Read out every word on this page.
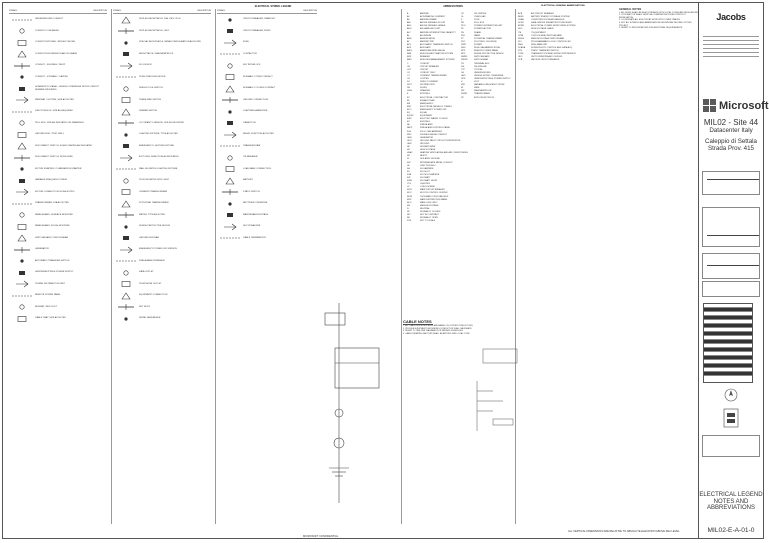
SYMBOL	DESCRIPTION
UNDERGROUND CONDUIT
CONDUIT CONCEALED
CONDUIT EXPOSED / RUN AT CEILING
CONDUIT RUN UNDER SLAB ON GRADE
CONDUIT - FLEXIBLE / DROP
CONDUIT - STUBBED / CAPPED
HOMERUN TO PANEL; UNLESS OTHERWISE NOTED CIRCUIT NUMBER INDICATED
WIREWAY / GUTTER, SIZE AS NOTED
JUNCTION BOX, SIZE AS REQUIRED
PULL BOX, SIZE AS INDICATED ON DRAWINGS
GROUND ROD / TEST WELL
DISCONNECT SWITCH, FUSED, RATING AS INDICATED
DISCONNECT SWITCH, NON-FUSED
MOTOR STARTER / COMBINATION STARTER
VARIABLE FREQUENCY DRIVE
MOTOR CONNECTION, HP AS NOTED
TRANSFORMER, KVA AS NOTED
PANELBOARD, SURFACE MOUNTED
PANELBOARD, FLUSH MOUNTED
SWITCHBOARD / SWITCHGEAR
GENERATOR
AUTOMATIC TRANSFER SWITCH
UNINTERRUPTIBLE POWER SUPPLY
POWER DISTRIBUTION UNIT
REMOTE POWER PANEL
BUSWAY / BUS DUCT
CABLE TRAY, SIZE AS NOTED
ELECTRICAL SYMBOL LEGEND
SYMBOL	DESCRIPTION
DUPLEX RECEPTACLE, 16A, 230V, 2P+E
DUPLEX RECEPTACLE, GFCI
SPECIAL RECEPTACLE, NEMA CONFIGURATION AS NOTED
RECEPTACLE, WEATHERPROOF
FLOOR BOX
POKE-THROUGH DEVICE
SINGLE POLE SWITCH
THREE-WAY SWITCH
DIMMER SWITCH
OCCUPANCY SENSOR, CEILING MOUNTED
LIGHTING FIXTURE, TYPE AS NOTED
EMERGENCY LIGHTING FIXTURE
EXIT SIGN, DIRECTION AS INDICATED
WALL MOUNTED LIGHTING FIXTURE
POLE MOUNTED SITE LIGHT
CURRENT TRANSFORMER
POTENTIAL TRANSFORMER
METER, TYPE AS NOTED
SURGE PROTECTIVE DEVICE
GROUND BUS BAR
EMERGENCY POWER OFF STATION
FIRE ALARM INTERFACE
DATA OUTLET
TELEPHONE OUTLET
EQUIPMENT CONNECTION
KEY NOTE
DETAIL REFERENCE
SYMBOL	DESCRIPTION
CIRCUIT BREAKER, DRAWOUT
CIRCUIT BREAKER, FIXED
FUSE
CONTACTOR
KEY INTERLOCK
NORMALLY OPEN CONTACT
NORMALLY CLOSED CONTACT
GROUND CONNECTION
LIGHTNING ARRESTER
CAPACITOR
RELAY, FUNCTION AS NOTED
TRANSFER PAIR
TIE BREAKER
LOAD BANK CONNECTION
BATTERY
STATIC SWITCH
RECTIFIER / INVERTER
MAINTENANCE BYPASS
SECTIONALIZER
CABLE TERMINATION
ABBREVIATIONS
A	AMPERE
AC	ALTERNATING CURRENT
AF	AMPERE FRAME
AFF	ABOVE FINISHED FLOOR
AFG	ABOVE FINISHED GRADE
AHU	AIR HANDLING UNIT
AIC	AMPERE INTERRUPTING CAPACITY
AL	ALUMINUM
ANN	ANNUNCIATOR
AT	AMPERE TRIP
ATS	AUTOMATIC TRANSFER SWITCH
AUX	AUXILIARY
AWG	AMERICAN WIRE GAUGE
BAS	BUILDING AUTOMATION SYSTEM
BKR	BREAKER
BMS	BUILDING MANAGEMENT SYSTEM
C	CONDUIT
CB	CIRCUIT BREAKER
CKT	CIRCUIT
CO	CONDUIT ONLY
CT	CURRENT TRANSFORMER
CU	COPPER
DC	DIRECT CURRENT
DIST	DISTRIBUTION
DN	DOWN
DWG	DRAWING
E	EXISTING
EC	ELECTRICAL CONTRACTOR
EF	EXHAUST FAN
EM	EMERGENCY
EMT	ELECTRICAL METALLIC TUBING
EPO	EMERGENCY POWER OFF
EQ	EQUAL
EQUIP	EQUIPMENT
EWC	ELECTRIC WATER COOLER
EX	EXISTING
FA	FIRE ALARM
FACP	FIRE ALARM CONTROL PANEL
FLA	FULL LOAD AMPERES
FMC	FLEXIBLE METAL CONDUIT
GEN	GENERATOR
GFCI	GROUND FAULT CIRCUIT INTERRUPTER
GND	GROUND
HP	HORSEPOWER
HV	HIGH VOLTAGE
HVAC	HEATING VENTILATING AND AIR CONDITIONING
HZ	HERTZ
IG	ISOLATED GROUND
IMC	INTERMEDIATE METAL CONDUIT
JB	JUNCTION BOX
KA	KILOAMPERE
KV	KILOVOLT
KVA	KILOVOLT AMPERE
KW	KILOWATT
KWH	KILOWATT HOUR
LTG	LIGHTING
LV	LOW VOLTAGE
MCB	MAIN CIRCUIT BREAKER
MCC	MOTOR CONTROL CENTER
MCM	THOUSAND CIRCULAR MILS
MDP	MAIN DISTRIBUTION PANEL
MLO	MAIN LUGS ONLY
MV	MEDIUM VOLTAGE
N	NEUTRAL
NC	NORMALLY CLOSED
NIC	NOT IN CONTRACT
NO	NORMALLY OPEN
NTS	NOT TO SCALE
OC	ON CENTER
OL	OVERLOAD
P	POLE
PB	PULL BOX
PDU	POWER DISTRIBUTION UNIT
PF	POWER FACTOR
PH	PHASE
PNL	PANEL
PT	POTENTIAL TRANSFORMER
PVC	POLYVINYL CHLORIDE
PWR	POWER
RGS	RIGID GALVANIZED STEEL
RPP	REMOTE POWER PANEL
SPD	SURGE PROTECTIVE DEVICE
SWBD	SWITCHBOARD
SWGR	SWITCHGEAR
TB	TERMINAL BOX
TEL	TELEPHONE
TYP	TYPICAL
UG	UNDERGROUND
UNO	UNLESS NOTED OTHERWISE
UPS	UNINTERRUPTIBLE POWER SUPPLY
V	VOLT
VFD	VARIABLE FREQUENCY DRIVE
W	WIRE
WP	WEATHERPROOF
XFMR	TRANSFORMER
XP	EXPLOSION PROOF
ELECTRICAL GENERAL ABBREVIATIONS
ACB	AIR CIRCUIT BREAKER
BESS	BATTERY ENERGY STORAGE SYSTEM
CRAH	COMPUTER ROOM AIR HANDLER
DCIM	DATA CENTER INFRASTRUCTURE MGMT
EPMS	ELECTRICAL POWER MONITORING SYSTEM
HVC	HIGH VOLTAGE CABLE
ITE	IT EQUIPMENT
LVSB	LOW VOLTAGE SWITCHBOARD
MVSG	MEDIUM VOLTAGE SWITCHGEAR
PLC	PROGRAMMABLE LOGIC CONTROLLER
RMU	RING MAIN UNIT
SCADA	SUPERVISORY CONTROL AND DATA ACQ.
STS	STATIC TRANSFER SWITCH
TVSS	TRANSIENT VOLTAGE SURGE SUPPRESSOR
UDC	UNIT DOWNSTREAM COUPLER
VCB	VACUUM CIRCUIT BREAKER
GENERAL NOTES
1. ALL WORK SHALL BE IN ACCORDANCE WITH LOCAL CODES AND REGULATIONS.
2. CONTRACTOR SHALL VERIFY ALL DIMENSIONS IN FIELD PRIOR TO INSTALLATION.
3. COORDINATE ALL ELECTRICAL WORK WITH OTHER TRADES.
4. NOT ALL SYMBOLS AND ABBREVIATIONS SHOWN MAY BE USED ON THIS PROJECT.
5. REFER TO SPECIFICATIONS FOR ADDITIONAL REQUIREMENTS.
CABLE NOTES
1. ALL CABLE SIZES INDICATED ARE BASED ON COPPER CONDUCTORS.
2. PROVIDE EQUIPMENT GROUNDING CONDUCTOR IN ALL RACEWAYS.
3. REFER TO ONE-LINE DIAGRAMS FOR FEEDER SCHEDULES.
4. CABLE DERATING FACTORS SHALL BE APPLIED PER LOCAL CODE.
Jacobs
Microsoft
MIL02 - Site 44
Datacenter Italy
Caleppio di Settala
Strada Prov. 415
ELECTRICAL LEGEND
NOTES AND
ABBREVIATIONS
MIL02-E-A-01-0
ALL VERTICAL DIMENSIONS ARE RELATIVE TO ABSOLUTE ELEVATION ABOVE SEA LEVEL
MICROSOFT CONFIDENTIAL
